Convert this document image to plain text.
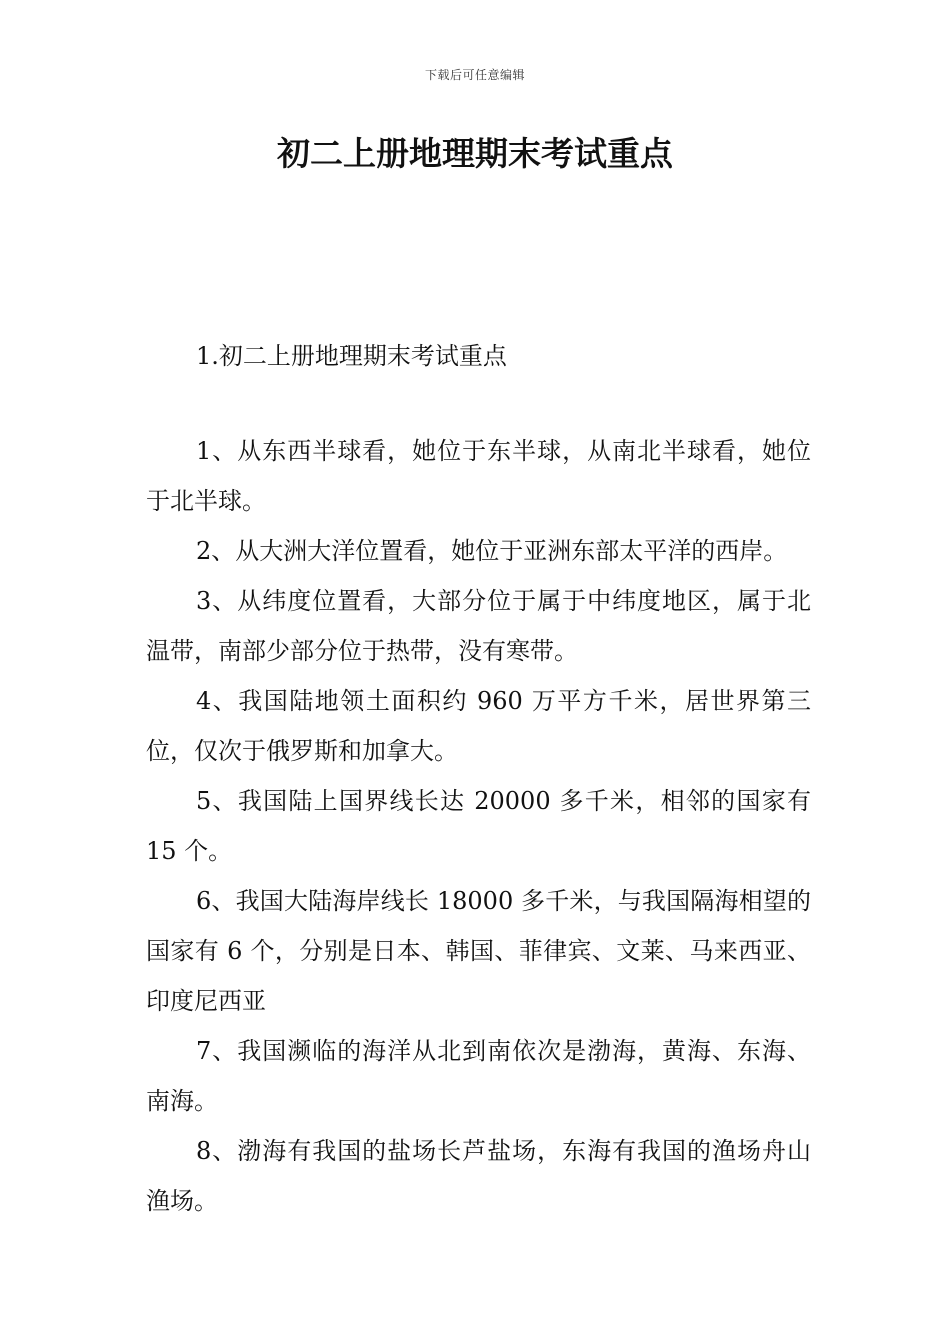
下载后可任意编辑
初二上册地理期末考试重点
1.初二上册地理期末考试重点

1、从东西半球看，她位于东半球，从南北半球看，她位于北半球。

2、从大洲大洋位置看，她位于亚洲东部太平洋的西岸。

3、从纬度位置看，大部分位于属于中纬度地区，属于北温带，南部少部分位于热带，没有寒带。

4、我国陆地领土面积约 960 万平方千米，居世界第三位，仅次于俄罗斯和加拿大。

5、我国陆上国界线长达 20000 多千米，相邻的国家有 15 个。

6、我国大陆海岸线长 18000 多千米，与我国隔海相望的国家有 6 个，分别是日本、韩国、菲律宾、文莱、马来西亚、印度尼西亚

7、我国濒临的海洋从北到南依次是渤海，黄海、东海、南海。

8、渤海有我国的盐场长芦盐场，东海有我国的渔场舟山渔场。
